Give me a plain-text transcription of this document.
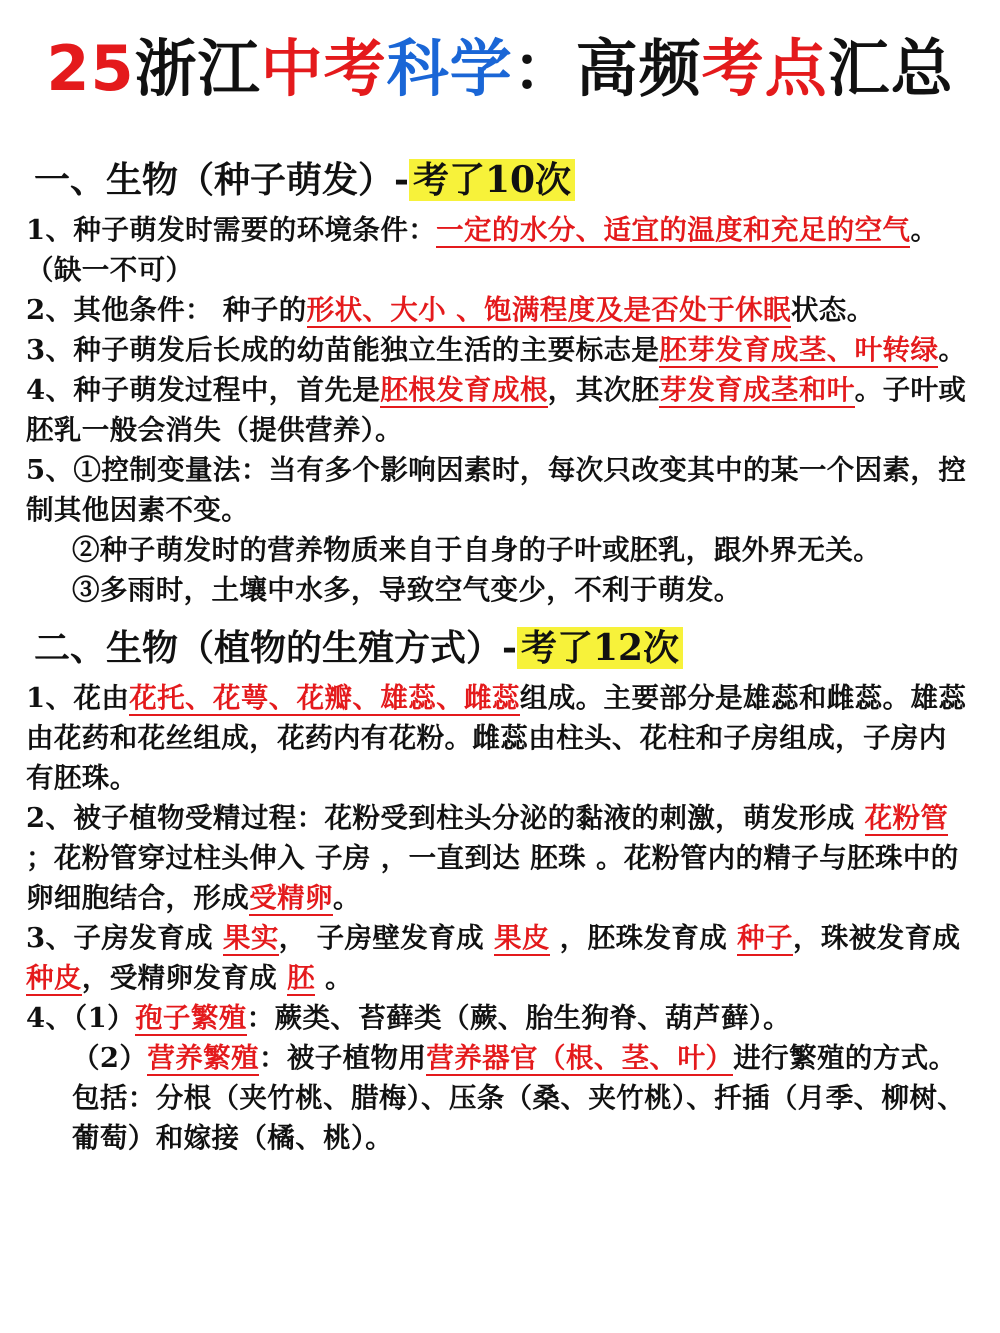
25浙江中考科学：高频考点汇总
一、生物（种子萌发）- 考了10次

1、种子萌发时需要的环境条件：一定的水分、适宜的温度和充足的空气。（缺一不可）

2、其他条件： 种子的形状、大小 、饱满程度及是否处于休眠状态。

3、种子萌发后长成的幼苗能独立生活的主要标志是胚芽发育成茎、叶转绿。

4、种子萌发过程中，首先是胚根发育成根，其次胚芽发育成茎和叶。子叶或胚乳一般会消失（提供营养）。

5、①控制变量法：当有多个影响因素时，每次只改变其中的某一个因素，控制其他因素不变。

②种子萌发时的营养物质来自于自身的子叶或胚乳，跟外界无关。

③多雨时，土壤中水多，导致空气变少，不利于萌发。

二、生物（植物的生殖方式）- 考了12次

1、花由花托、花萼、花瓣、雄蕊、雌蕊组成。主要部分是雄蕊和雌蕊。雄蕊由花药和花丝组成，花药内有花粉。雌蕊由柱头、花柱和子房组成，子房内有胚珠。

2、被子植物受精过程：花粉受到柱头分泌的黏液的刺激，萌发形成 花粉管 ；花粉管穿过柱头伸入 子房 ，一直到达 胚珠 。花粉管内的精子与胚珠中的卵细胞结合，形成受精卵。

3、子房发育成 果实， 子房壁发育成 果皮 ，胚珠发育成 种子，珠被发育成 种皮，受精卵发育成 胚 。

4、（1）孢子繁殖：蕨类、苔藓类（蕨、胎生狗脊、葫芦藓）。

（2）营养繁殖：被子植物用营养器官（根、茎、叶）进行繁殖的方式。包括：分根（夹竹桃、腊梅）、压条（桑、夹竹桃）、扦插（月季、柳树、葡萄）和嫁接（橘、桃）。
